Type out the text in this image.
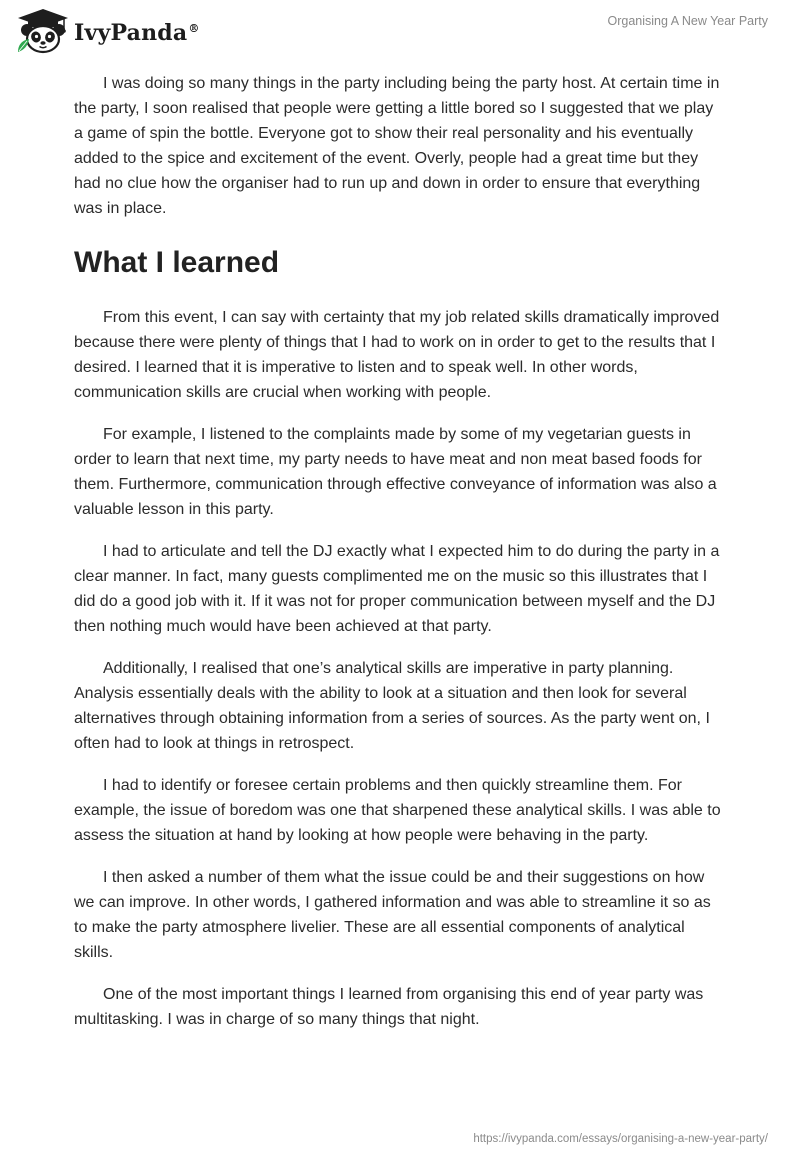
IvyPanda®
Organising A New Year Party

I was doing so many things in the party including being the party host. At certain time in the party, I soon realised that people were getting a little bored so I suggested that we play a game of spin the bottle. Everyone got to show their real personality and his eventually added to the spice and excitement of the event. Overly, people had a great time but they had no clue how the organiser had to run up and down in order to ensure that everything was in place.

What I learned

From this event, I can say with certainty that my job related skills dramatically improved because there were plenty of things that I had to work on in order to get to the results that I desired. I learned that it is imperative to listen and to speak well. In other words, communication skills are crucial when working with people.

For example, I listened to the complaints made by some of my vegetarian guests in order to learn that next time, my party needs to have meat and non meat based foods for them. Furthermore, communication through effective conveyance of information was also a valuable lesson in this party.

I had to articulate and tell the DJ exactly what I expected him to do during the party in a clear manner. In fact, many guests complimented me on the music so this illustrates that I did do a good job with it. If it was not for proper communication between myself and the DJ then nothing much would have been achieved at that party.

Additionally, I realised that one’s analytical skills are imperative in party planning. Analysis essentially deals with the ability to look at a situation and then look for several alternatives through obtaining information from a series of sources. As the party went on, I often had to look at things in retrospect.

I had to identify or foresee certain problems and then quickly streamline them. For example, the issue of boredom was one that sharpened these analytical skills. I was able to assess the situation at hand by looking at how people were behaving in the party.

I then asked a number of them what the issue could be and their suggestions on how we can improve. In other words, I gathered information and was able to streamline it so as to make the party atmosphere livelier. These are all essential components of analytical skills.

One of the most important things I learned from organising this end of year party was multitasking. I was in charge of so many things that night.

https://ivypanda.com/essays/organising-a-new-year-party/
